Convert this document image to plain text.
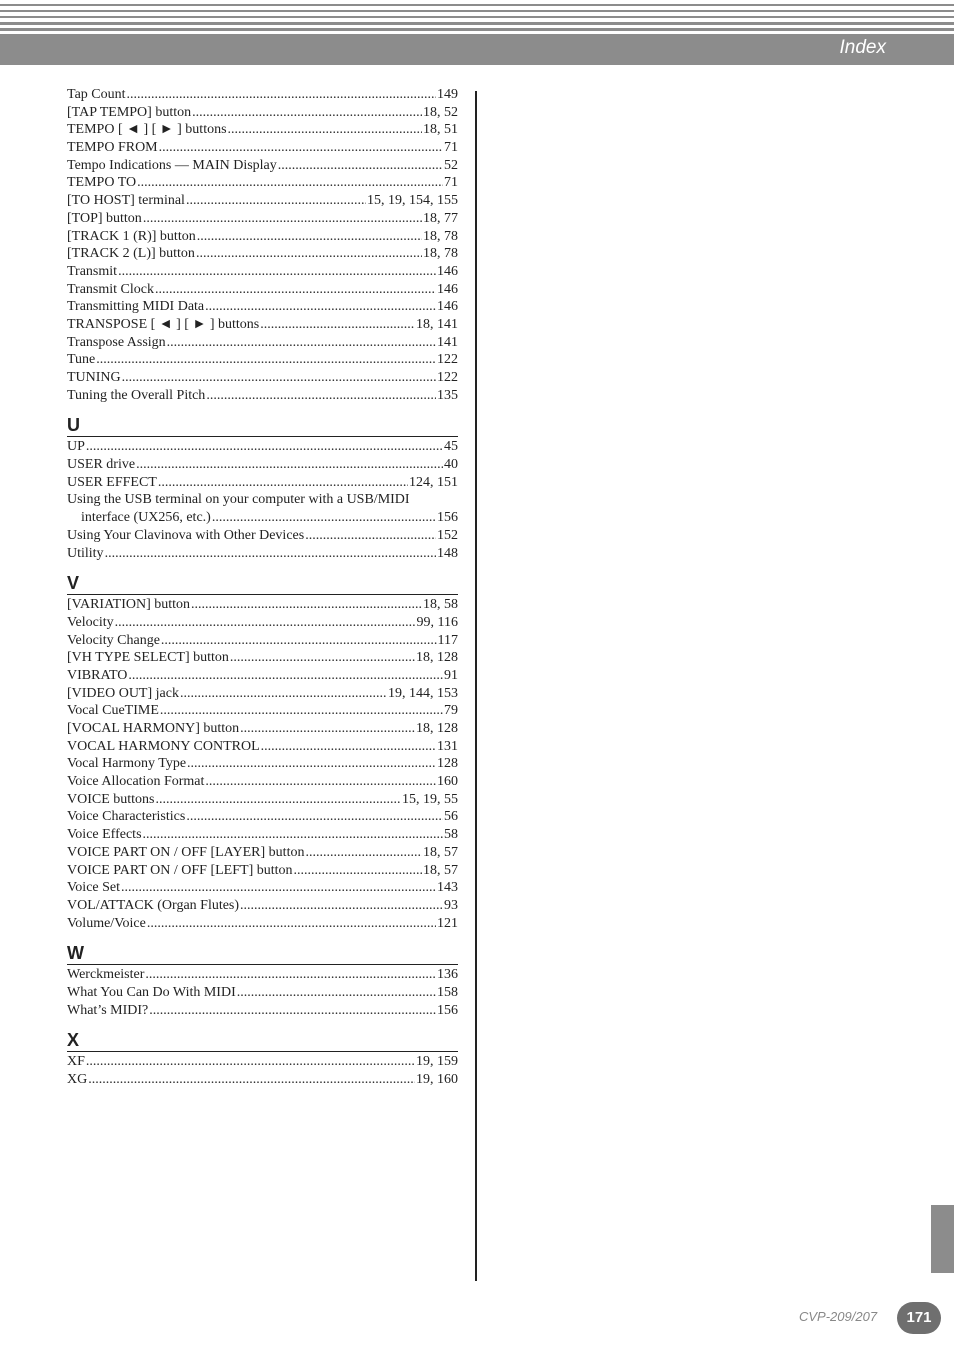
Index
Tap Count .....	149
[TAP TEMPO] button .....	18, 52
TEMPO [ ◄ ] [ ► ] buttons .....	18, 51
TEMPO FROM .....	71
Tempo Indications — MAIN Display .....	52
TEMPO TO .....	71
[TO HOST] terminal .....	15, 19, 154, 155
[TOP] button .....	18, 77
[TRACK 1 (R)] button .....	18, 78
[TRACK 2 (L)] button .....	18, 78
Transmit .....	146
Transmit Clock .....	146
Transmitting MIDI Data .....	146
TRANSPOSE [ ◄ ] [ ► ] buttons .....	18, 141
Transpose Assign .....	141
Tune .....	122
TUNING .....	122
Tuning the Overall Pitch .....	135
U
UP .....	45
USER drive .....	40
USER EFFECT .....	124, 151
Using the USB terminal on your computer with a USB/MIDI
interface (UX256, etc.) .....	156
Using Your Clavinova with Other Devices .....	152
Utility .....	148
V
[VARIATION] button .....	18, 58
Velocity .....	99, 116
Velocity Change .....	117
[VH TYPE SELECT] button .....	18, 128
VIBRATO .....	91
[VIDEO OUT] jack .....	19, 144, 153
Vocal CueTIME .....	79
[VOCAL HARMONY] button .....	18, 128
VOCAL HARMONY CONTROL .....	131
Vocal Harmony Type .....	128
Voice Allocation Format .....	160
VOICE buttons .....	15, 19, 55
Voice Characteristics .....	56
Voice Effects .....	58
VOICE PART ON / OFF [LAYER] button .....	18, 57
VOICE PART ON / OFF [LEFT] button .....	18, 57
Voice Set .....	143
VOL/ATTACK (Organ Flutes) .....	93
Volume/Voice .....	121
W
Werckmeister .....	136
What You Can Do With MIDI .....	158
What’s MIDI? .....	156
X
XF .....	19, 159
XG .....	19, 160
CVP-209/207	171
